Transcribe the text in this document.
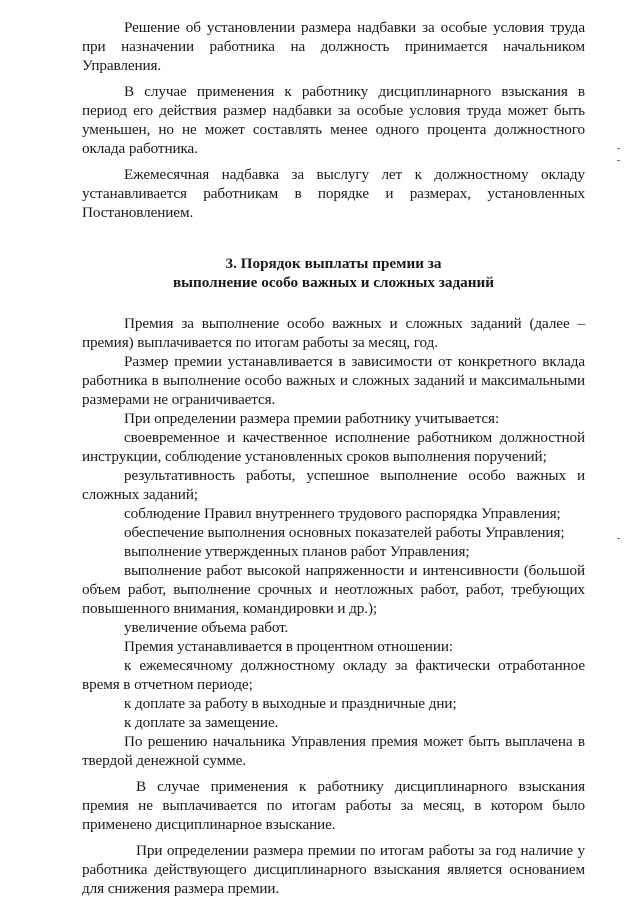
Решение об установлении размера надбавки за особые условия труда при назначении работника на должность принимается начальником Управления.

В случае применения к работнику дисциплинарного взыскания в период его действия размер надбавки за особые условия труда может быть уменьшен, но не может составлять менее одного процента должностного оклада работника.

Ежемесячная надбавка за выслугу лет к должностному окладу устанавливается работникам в порядке и размерах, установленных Постановлением.

3. Порядок выплаты премии за
выполнение особо важных и сложных заданий

Премия за выполнение особо важных и сложных заданий (далее – премия) выплачивается по итогам работы за месяц, год.

Размер премии устанавливается в зависимости от конкретного вклада работника в выполнение особо важных и сложных заданий и максимальными размерами не ограничивается.

При определении размера премии работнику учитывается:

своевременное и качественное исполнение работником должностной инструкции, соблюдение установленных сроков выполнения поручений;

результативность работы, успешное выполнение особо важных и сложных заданий;

соблюдение Правил внутреннего трудового распорядка Управления;

обеспечение выполнения основных показателей работы Управления;

выполнение утвержденных планов работ Управления;

выполнение работ высокой напряженности и интенсивности (большой объем работ, выполнение срочных и неотложных работ, работ, требующих повышенного внимания, командировки и др.);

увеличение объема работ.

Премия устанавливается в процентном отношении:

к ежемесячному должностному окладу за фактически отработанное время в отчетном периоде;

к доплате за работу в выходные и праздничные дни;

к доплате за замещение.

По решению начальника Управления премия может быть выплачена в твердой денежной сумме.

В случае применения к работнику дисциплинарного взыскания премия не выплачивается по итогам работы за месяц, в котором было применено дисциплинарное взыскание.

При определении размера премии по итогам работы за год наличие у работника действующего дисциплинарного взыскания является основанием для снижения размера премии.
